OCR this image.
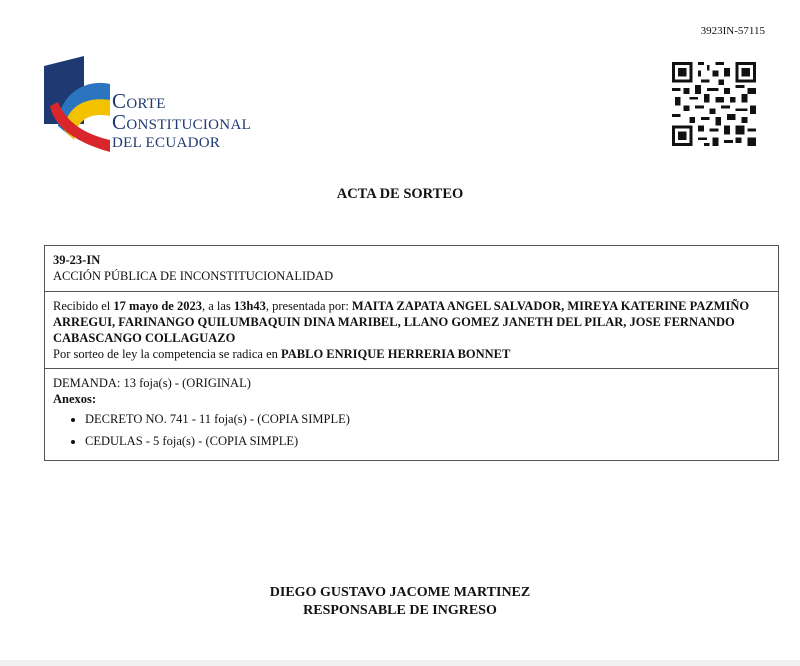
3923IN-57115
CORTE
CONSTITUCIONAL
DEL ECUADOR
ACTA DE SORTEO
39-23-IN
ACCIÓN PÚBLICA DE INCONSTITUCIONALIDAD
Recibido el 17 mayo de 2023, a las 13h43, presentada por: MAITA ZAPATA ANGEL SALVADOR, MIREYA KATERINE PAZMIÑO ARREGUI, FARINANGO QUILUMBAQUIN DINA MARIBEL, LLANO GOMEZ JANETH DEL PILAR, JOSE FERNANDO CABASCANGO COLLAGUAZO
Por sorteo de ley la competencia se radica en PABLO ENRIQUE HERRERIA BONNET
DEMANDA: 13 foja(s) - (ORIGINAL)
Anexos:
• DECRETO NO. 741 - 11 foja(s) - (COPIA SIMPLE)
• CEDULAS - 5 foja(s) - (COPIA SIMPLE)
DIEGO GUSTAVO JACOME MARTINEZ
RESPONSABLE DE INGRESO
